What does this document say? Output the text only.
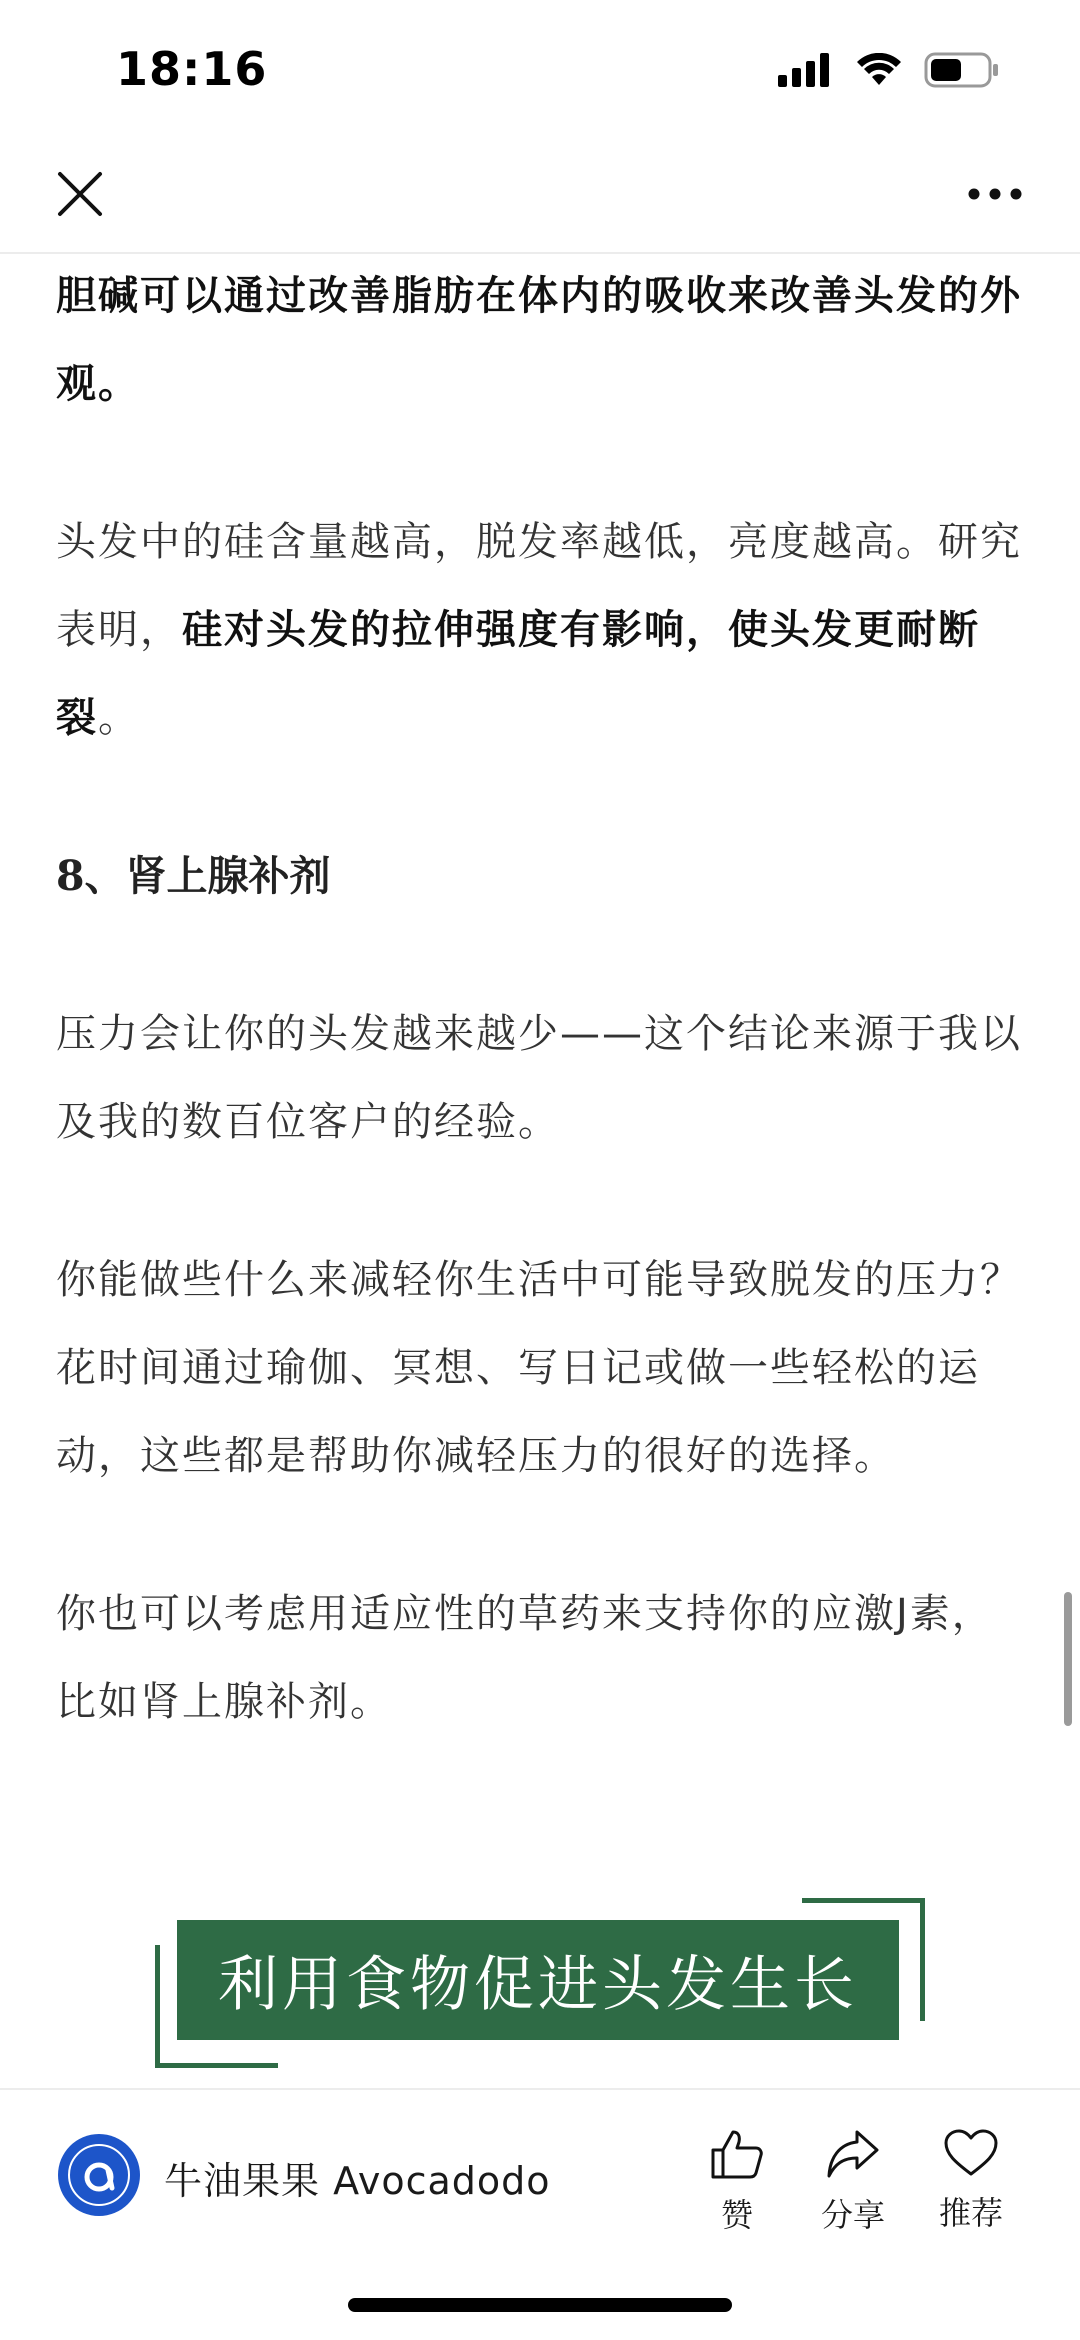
18:16

胆碱可以通过改善脂肪在体内的吸收来改善头发的外观。

头发中的硅含量越高，脱发率越低，亮度越高。研究表明，硅对头发的拉伸强度有影响，使头发更耐断裂。

8、肾上腺补剂

压力会让你的头发越来越少——这个结论来源于我以及我的数百位客户的经验。

你能做些什么来减轻你生活中可能导致脱发的压力？花时间通过瑜伽、冥想、写日记或做一些轻松的运动，这些都是帮助你减轻压力的很好的选择。

你也可以考虑用适应性的草药来支持你的应激J素，比如肾上腺补剂。

利用食物促进头发生长
牛油果果 Avocadodo
赞 分享 推荐
